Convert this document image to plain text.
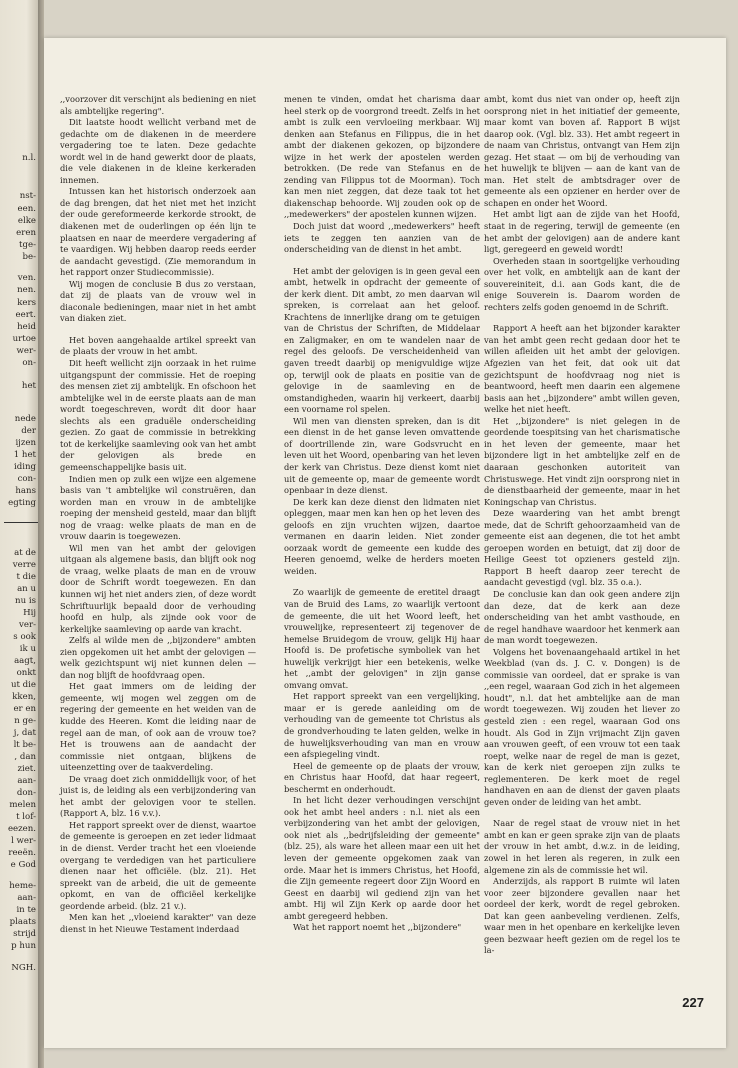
n.l.
nst-
een.
elke
eren
tge-
be-
ven.
nen.
kers
eert.
heid
urtoe
wer-
on-
het
nede
der
ijzen
1 het
iding
con-
hans
egting
at de
verre
t die
an u
nu is
Hij
ver-
s ook
ik u
aagt,
onkt
ut die
kken,
er en
n ge-
j, dat
lt be-
, dan
ziet.
aan-
don-
melen
t lof-
eezen.
l wer-
reeën.
e God
heme-
aan-
in te
plaats
strijd
p hun
NGH.

,,voorzover dit verschijnt als bediening en niet als ambtelijke regering".

Dit laatste hoodt wellicht verband met de gedachte om de diakenen in de meerdere vergadering toe te laten. Deze gedachte wordt wel in de hand gewerkt door de plaats, die vele diakenen in de kleine kerkeraden innemen.

Intussen kan het historisch onderzoek aan de dag brengen, dat het niet met het inzicht der oude gereformeerde kerkorde strookt, de diakenen met de ouderlingen op één lijn te plaatsen en naar de meerdere vergadering af te vaardigen. Wij hebben daarop reeds eerder de aandacht gevestigd. (Zie memorandum in het rapport onzer Studiecommissie).

Wij mogen de conclusie B dus zo verstaan, dat zij de plaats van de vrouw wel in diaconale bedieningen, maar niet in het ambt van diaken ziet.

Het boven aangehaalde artikel spreekt van de plaats der vrouw in het ambt.

Dit heeft wellicht zijn oorzaak in het ruime uitgangspunt der commissie. Het de roeping des mensen ziet zij ambtelijk. En ofschoon het ambtelijke wel in de eerste plaats aan de man wordt toegeschreven, wordt dit door haar slechts als een graduële onderscheiding gezien. Zo gaat de commissie in betrekking tot de kerkelijke saamleving ook van het ambt der gelovigen als brede en gemeenschappelijke basis uit.

Indien men op zulk een wijze een algemene basis van 't ambtelijke wil construëren, dan worden man en vrouw in de ambtelijke roeping der mensheid gesteld, maar dan blijft nog de vraag: welke plaats de man en de vrouw daarin is toegewezen.

Wil men van het ambt der gelovigen uitgaan als algemene basis, dan blijft ook nog de vraag, welke plaats de man en de vrouw door de Schrift wordt toegewezen. En dan kunnen wij het niet anders zien, of deze wordt Schriftuurlijk bepaald door de verhouding hoofd en hulp, als zijnde ook voor de kerkelijke saamleving op aarde van kracht.

Zelfs al wilde men de ,,bijzondere" ambten zien opgekomen uit het ambt der gelovigen — welk gezichtspunt wij niet kunnen delen — dan nog blijft de hoofdvraag open.

Het gaat immers om de leiding der gemeente, wij mogen wel zeggen om de regering der gemeente en het weiden van de kudde des Heeren. Komt die leiding naar de regel aan de man, of ook aan de vrouw toe? Het is trouwens aan de aandacht der commissie niet ontgaan, blijkens de uiteenzetting over de taakverdeling.

De vraag doet zich onmiddellijk voor, of het juist is, de leiding als een verbijzondering van het ambt der gelovigen voor te stellen. (Rapport A, blz. 16 v.v.).

Het rapport spreekt over de dienst, waartoe de gemeente is geroepen en zet ieder lidmaat in de dienst. Verder tracht het een vloeiende overgang te verdedigen van het particuliere dienen naar het officiële. (blz. 21). Het spreekt van de arbeid, die uit de gemeente opkomt, en van de officiëel kerkelijke geordende arbeid. (blz. 21 v.).

Men kan het ,,vloeiend karakter" van deze dienst in het Nieuwe Testament inderdaad

menen te vinden, omdat het charisma daar heel sterk op de voorgrond treedt. Zelfs in het ambt is zulk een vervloeiing merkbaar. Wij denken aan Stefanus en Filippus, die in het ambt der diakenen gekozen, op bijzondere wijze in het werk der apostelen werden betrokken. (De rede van Stefanus en de zending van Filippus tot de Moorman). Toch kan men niet zeggen, dat deze taak tot het diakenschap behoorde. Wij zouden ook op de ,,medewerkers" der apostelen kunnen wijzen.

Doch juist dat woord ,,medewerkers" heeft iets te zeggen ten aanzien van de onderscheiding van de dienst in het ambt.

Het ambt der gelovigen is in geen geval een ambt, hetwelk in opdracht der gemeente of der kerk dient. Dit ambt, zo men daarvan wil spreken, is correlaat aan het geloof. Krachtens de innerlijke drang om te getuigen van de Christus der Schriften, de Middelaar en Zaligmaker, en om te wandelen naar de regel des geloofs. De verscheidenheid van gaven treedt daarbij op menigvuldige wijze op, terwijl ook de plaats en positie van de gelovige in de saamleving en de omstandigheden, waarin hij verkeert, daarbij een voorname rol spelen.

Wil men van diensten spreken, dan is dit een dienst in de het ganse leven omvattende of doortrillende zin, ware Godsvrucht en leven uit het Woord, openbaring van het leven der kerk van Christus. Deze dienst komt niet uit de gemeente op, maar de gemeente wordt openbaar in deze dienst.

De kerk kan deze dienst den lidmaten niet opleggen, maar men kan hen op het leven des geloofs en zijn vruchten wijzen, daartoe vermanen en daarin leiden. Niet zonder oorzaak wordt de gemeente een kudde des Heeren genoemd, welke de herders moeten weiden.

Zo waarlijk de gemeente de eretitel draagt van de Bruid des Lams, zo waarlijk vertoont de gemeente, die uit het Woord leeft, het vrouwelijke, representeert zij tegenover de hemelse Bruidegom de vrouw, gelijk Hij haar Hoofd is. De profetische symboliek van het huwelijk verkrijgt hier een betekenis, welke het ,,ambt der gelovigen" in zijn ganse omvang omvat.

Het rapport spreekt van een vergelijking, maar er is gerede aanleiding om de verhouding van de gemeente tot Christus als de grondverhouding te laten gelden, welke in de huwelijksverhouding van man en vrouw een afspiegeling vindt.

Heel de gemeente op de plaats der vrouw, en Christus haar Hoofd, dat haar regeert, beschermt en onderhoudt.

In het licht dezer verhoudingen verschijnt ook het ambt heel anders : n.l. niet als een verbijzondering van het ambt der gelovigen, ook niet als ,,bedrijfsleiding der gemeente" (blz. 25), als ware het alleen maar een uit het leven der gemeente opgekomen zaak van orde. Maar het is immers Christus, het Hoofd, die Zijn gemeente regeert door Zijn Woord en Geest en daarbij wil gediend zijn van het ambt. Hij wil Zijn Kerk op aarde door het ambt geregeerd hebben.

Wat het rapport noemt het ,,bijzondere"

ambt, komt dus niet van onder op, heeft zijn oorsprong niet in het initiatief der gemeente, maar komt van boven af. Rapport B wijst daarop ook. (Vgl. blz. 33). Het ambt regeert in de naam van Christus, ontvangt van Hem zijn gezag. Het staat — om bij de verhouding van het huwelijk te blijven — aan de kant van de man. Het stelt de ambtsdrager over de gemeente als een opziener en herder over de schapen en onder het Woord.

Het ambt ligt aan de zijde van het Hoofd, staat in de regering, terwijl de gemeente (en het ambt der gelovigen) aan de andere kant ligt, geregeerd en geweid wordt!

Overheden staan in soortgelijke verhouding over het volk, en ambtelijk aan de kant der souvereiniteit, d.i. aan Gods kant, die de enige Souverein is. Daarom worden de rechters zelfs goden genoemd in de Schrift.

Rapport A heeft aan het bijzonder karakter van het ambt geen recht gedaan door het te willen afleiden uit het ambt der gelovigen. Afgezien van het feit, dat ook uit dat gezichtspunt de hoofdvraag nog niet is beantwoord, heeft men daarin een algemene basis aan het ,,bijzondere" ambt willen geven, welke het niet heeft.

Het ,,bijzondere" is niet gelegen in de geordende toespitsing van het charismatische in het leven der gemeente, maar het bijzondere ligt in het ambtelijke zelf en de daaraan geschonken autoriteit van Christuswege. Het vindt zijn oorsprong niet in de dienstbaarheid der gemeente, maar in het Koningschap van Christus.

Deze waardering van het ambt brengt mede, dat de Schrift gehoorzaamheid van de gemeente eist aan degenen, die tot het ambt geroepen worden en betuigt, dat zij door de Heilige Geest tot opzieners gesteld zijn. Rapport B heeft daarop zeer terecht de aandacht gevestigd (vgl. blz. 35 o.a.).

De conclusie kan dan ook geen andere zijn dan deze, dat de kerk aan deze onderscheiding van het ambt vasthoude, en de regel handhave waardoor het kenmerk aan de man wordt toegewezen.

Volgens het bovenaangehaald artikel in het Weekblad (van ds. J. C. v. Dongen) is de commissie van oordeel, dat er sprake is van ,,een regel, waaraan God zich in het algemeen houdt", n.l. dat het ambtelijke aan de man wordt toegewezen. Wij zouden het liever zo gesteld zien : een regel, waaraan God ons houdt. Als God in Zijn vrijmacht Zijn gaven aan vrouwen geeft, of een vrouw tot een taak roept, welke naar de regel de man is gezet, kan de kerk niet geroepen zijn zulks te reglementeren. De kerk moet de regel handhaven en aan de dienst der gaven plaats geven onder de leiding van het ambt.

Naar de regel staat de vrouw niet in het ambt en kan er geen sprake zijn van de plaats der vrouw in het ambt, d.w.z. in de leiding, zowel in het leren als regeren, in zulk een algemene zin als de commissie het wil.

Anderzijds, als rapport B ruimte wil laten voor zeer bijzondere gevallen naar het oordeel der kerk, wordt de regel gebroken. Dat kan geen aanbeveling verdienen. Zelfs, waar men in het openbare en kerkelijke leven geen bezwaar heeft gezien om de regel los te la-

227
